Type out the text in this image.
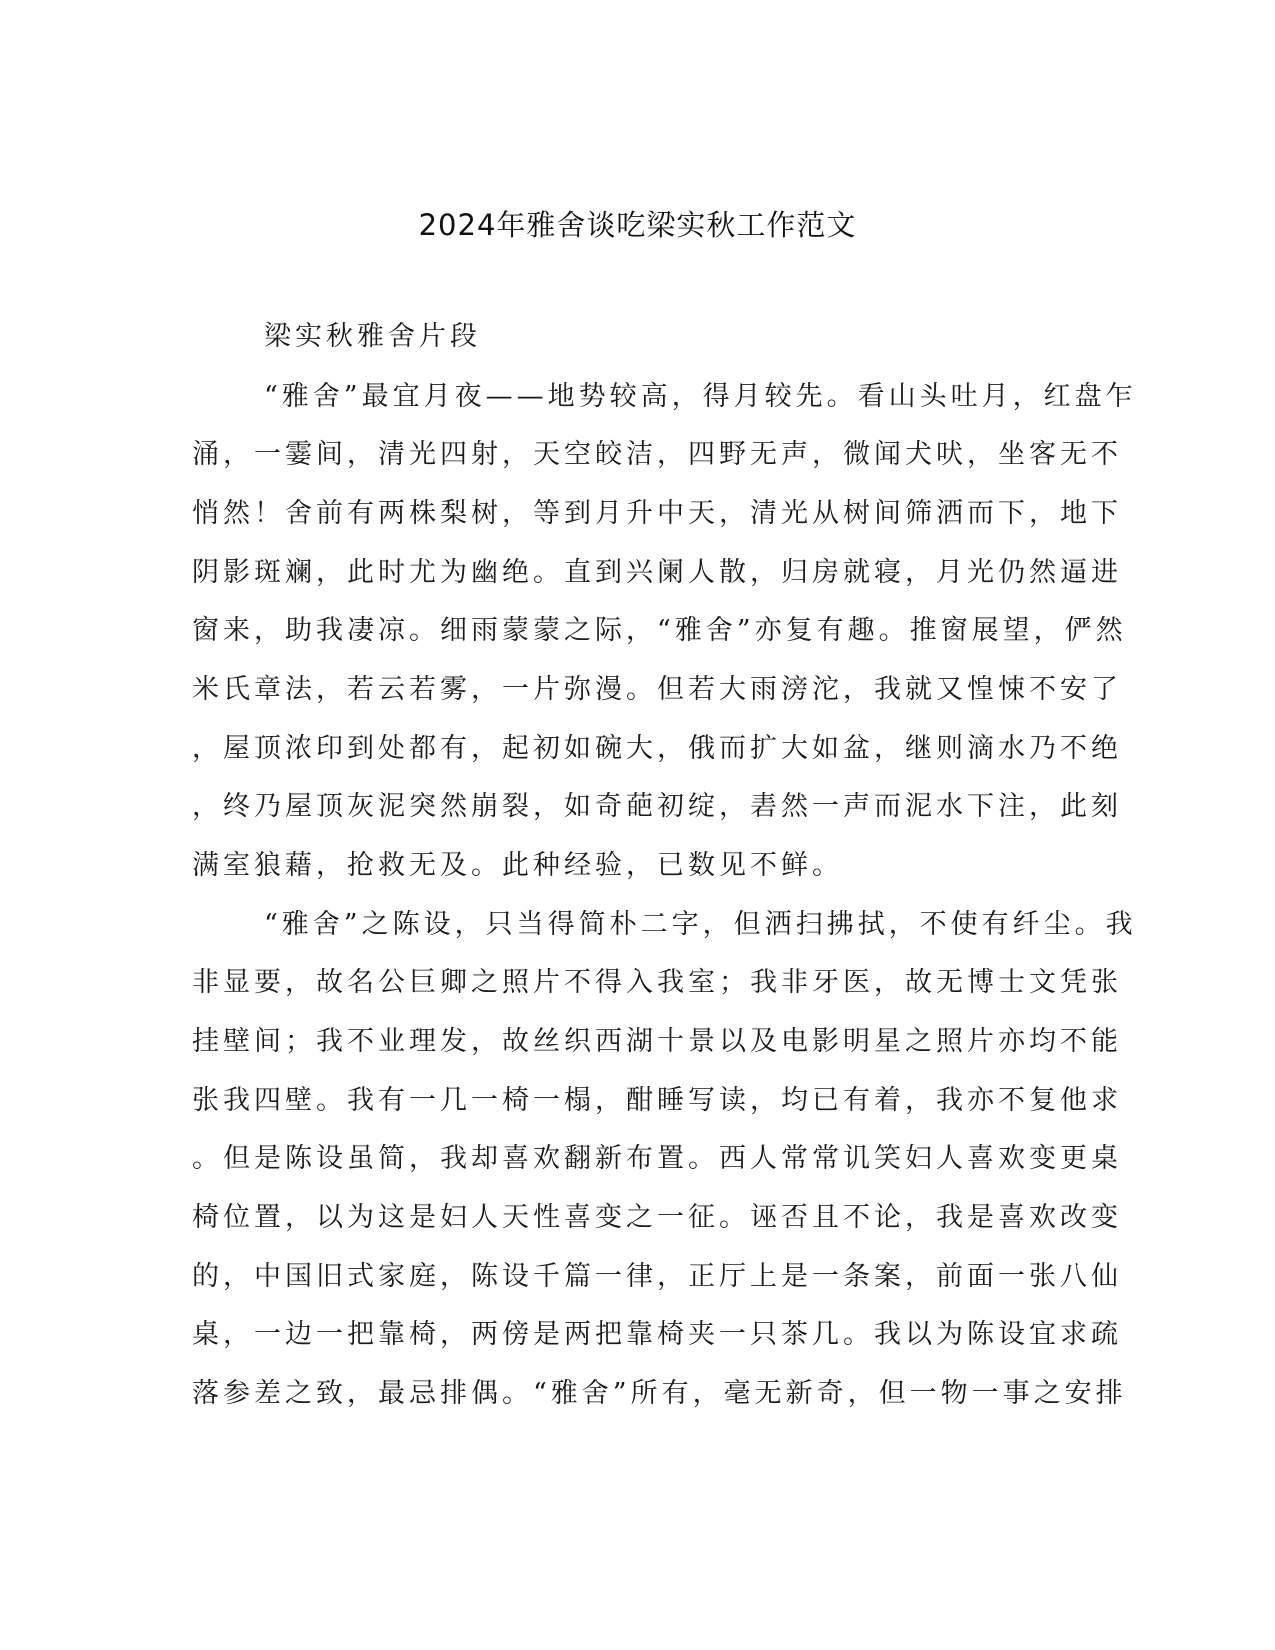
2024年雅舍谈吃梁实秋工作范文
梁实秋雅舍片段
“雅舍”最宜月夜——地势较高，得月较先。看山头吐月，红盘乍
涌，一霎间，清光四射，天空皎洁，四野无声，微闻犬吠，坐客无不
悄然！舍前有两株梨树，等到月升中天，清光从树间筛洒而下，地下
阴影斑斓，此时尤为幽绝。直到兴阑人散，归房就寝，月光仍然逼进
窗来，助我凄凉。细雨蒙蒙之际，“雅舍”亦复有趣。推窗展望，俨然
米氏章法，若云若雾，一片弥漫。但若大雨滂沱，我就又惶悚不安了
，屋顶浓印到处都有，起初如碗大，俄而扩大如盆，继则滴水乃不绝
，终乃屋顶灰泥突然崩裂，如奇葩初绽，砉然一声而泥水下注，此刻
满室狼藉，抢救无及。此种经验，已数见不鲜。
“雅舍”之陈设，只当得简朴二字，但洒扫拂拭，不使有纤尘。我
非显要，故名公巨卿之照片不得入我室；我非牙医，故无博士文凭张
挂壁间；我不业理发，故丝织西湖十景以及电影明星之照片亦均不能
张我四壁。我有一几一椅一榻，酣睡写读，均已有着，我亦不复他求
。但是陈设虽简，我却喜欢翻新布置。西人常常讥笑妇人喜欢变更桌
椅位置，以为这是妇人天性喜变之一征。诬否且不论，我是喜欢改变
的，中国旧式家庭，陈设千篇一律，正厅上是一条案，前面一张八仙
桌，一边一把靠椅，两傍是两把靠椅夹一只茶几。我以为陈设宜求疏
落参差之致，最忌排偶。“雅舍”所有，毫无新奇，但一物一事之安排
